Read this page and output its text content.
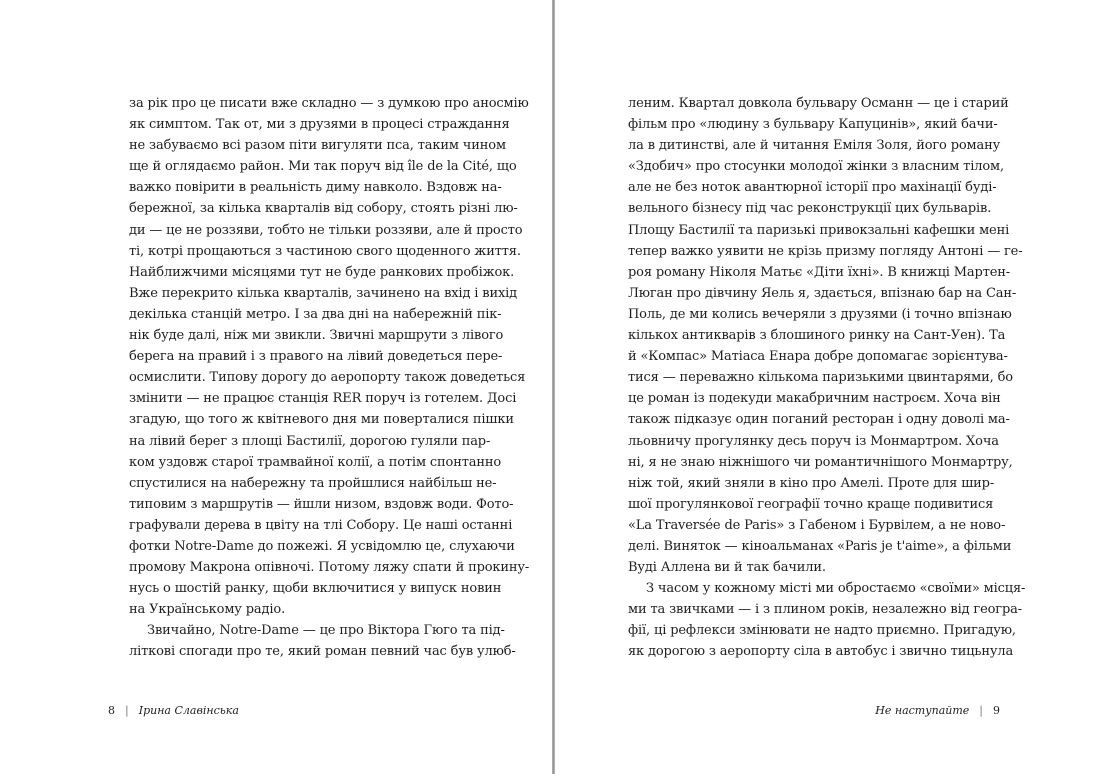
за рік про це писати вже складно — з думкою про аносмію
як симптом. Так от, ми з друзями в процесі страждання
не забуваємо всі разом піти вигуляти пса, таким чином
ще й оглядаємо район. Ми так поруч від île de la Cité, що
важко повірити в реальність диму навколо. Вздовж на-
бережної, за кілька кварталів від собору, стоять різні лю-
ди — це не роззяви, тобто не тільки роззяви, але й просто
ті, котрі прощаються з частиною свого щоденного життя.
Найближчими місяцями тут не буде ранкових пробіжок.
Вже перекрито кілька кварталів, зачинено на вхід і вихід
декілька станцій метро. І за два дні на набережній пік-
нік буде далі, ніж ми звикли. Звичні маршрути з лівого
берега на правий і з правого на лівий доведеться пере-
осмислити. Типову дорогу до аеропорту також доведеться
змінити — не працює станція RER поруч із готелем. Досі
згадую, що того ж квітневого дня ми поверталися пішки
на лівий берег з площі Бастилії, дорогою гуляли пар-
ком уздовж старої трамвайної колії, а потім спонтанно
спустилися на набережну та пройшлися найбільш не-
типовим з маршрутів — йшли низом, вздовж води. Фото-
графували дерева в цвіту на тлі Собору. Це наші останні
фотки Notre-Dame до пожежі. Я усвідомлю це, слухаючи
промову Макрона опівночі. Потому ляжу спати й прокину-
нусь о шостій ранку, щоби включитися у випуск новин
на Українському радіо.
Звичайно, Notre-Dame — це про Віктора Гюго та під-
літкові спогади про те, який роман певний час був улюб-
8 | Ірина Славінська
леним. Квартал довкола бульвару Османн — це і старий
фільм про «людину з бульвару Капуцинів», який бачи-
ла в дитинстві, але й читання Еміля Золя, його роману
«Здобич» про стосунки молодої жінки з власним тілом,
але не без ноток авантюрної історії про махінації буді-
вельного бізнесу під час реконструкції цих бульварів.
Площу Бастилії та паризькі привокзальні кафешки мені
тепер важко уявити не крізь призму погляду Антоні — ге-
роя роману Ніколя Матьє «Діти їхні». В книжці Мартен-
Люган про дівчину Яель я, здається, впізнаю бар на Сан-
Поль, де ми колись вечеряли з друзями (і точно впізнаю
кількох антикварів з блошиного ринку на Сант-Уен). Та
й «Компас» Матіаса Енара добре допомагає зорієнтува-
тися — переважно кількома паризькими цвинтарями, бо
це роман із подекуди макабричним настроєм. Хоча він
також підказує один поганий ресторан і одну доволі ма-
льовничу прогулянку десь поруч із Монмартром. Хоча
ні, я не знаю ніжнішого чи романтичнішого Монмартру,
ніж той, який зняли в кіно про Амелі. Проте для шир-
шої прогулянкової географії точно краще подивитися
«La Traversée de Paris» з Габеном і Бурвілем, а не ново-
делі. Виняток — кіноальманах «Paris je t'aime», а фільми
Вуді Аллена ви й так бачили.
З часом у кожному місті ми обростаємо «своїми» місця-
ми та звичками — і з плином років, незалежно від геогра-
фії, ці рефлекси змінювати не надто приємно. Пригадую,
як дорогою з аеропорту сіла в автобус і звично тицьнула
Не наступайте | 9
